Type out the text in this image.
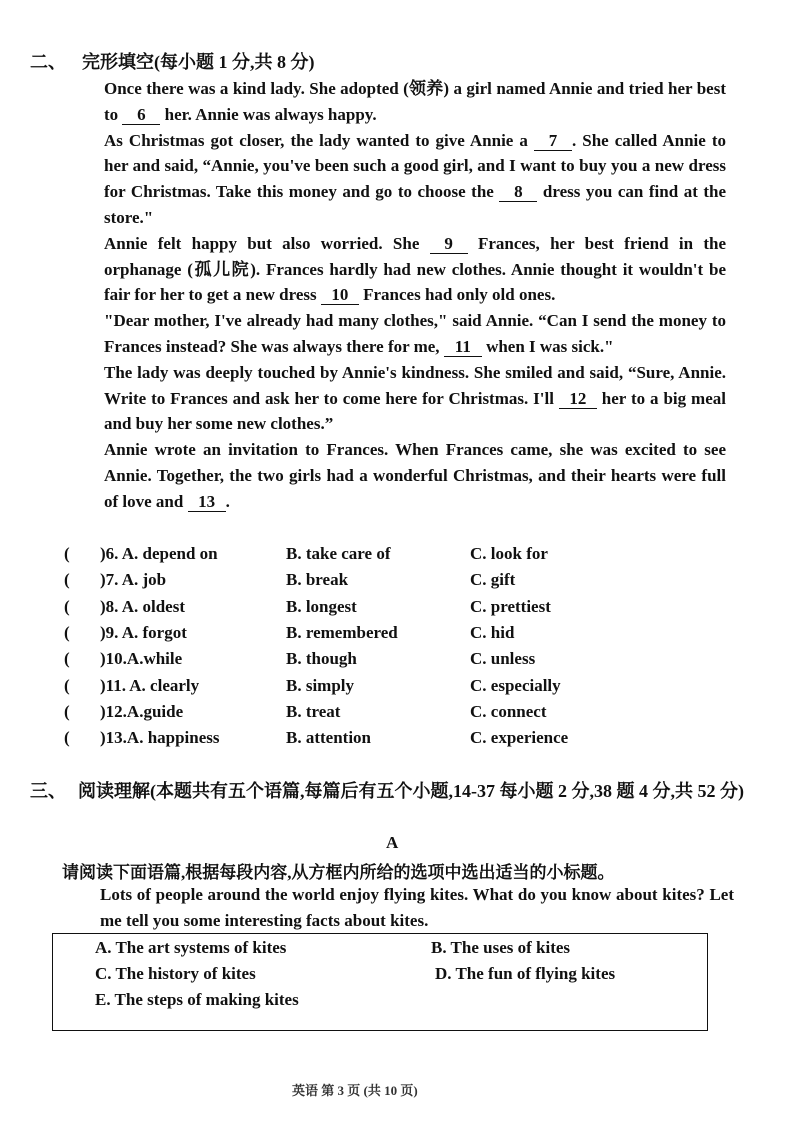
二、 完形填空(每小题 1 分,共 8 分)
Once there was a kind lady. She adopted (领养) a girl named Annie and tried her best to 6 her. Annie was always happy.
As Christmas got closer, the lady wanted to give Annie a 7 . She called Annie to her and said, “Annie, you've been such a good girl, and I want to buy you a new dress for Christmas. Take this money and go to choose the 8 dress you can find at the store."
Annie felt happy but also worried. She 9 Frances, her best friend in the orphanage (孤儿院). Frances hardly had new clothes. Annie thought it wouldn't be fair for her to get a new dress 10 Frances had only old ones.
"Dear mother, I've already had many clothes," said Annie. “Can I send the money to Frances instead? She was always there for me, 11 when I was sick."
The lady was deeply touched by Annie's kindness. She smiled and said, “Sure, Annie. Write to Frances and ask her to come here for Christmas. I'll 12 her to a big meal and buy her some new clothes.”
Annie wrote an invitation to Frances. When Frances came, she was excited to see Annie. Together, the two girls had a wonderful Christmas, and their hearts were full of love and 13 .
(	)6. A. depend on	B. take care of	C. look for
(	)7. A. job	B. break	C. gift
(	)8. A. oldest	B. longest	C. prettiest
(	)9. A. forgot	B. remembered	C. hid
(	)10.A.while	B. though	C. unless
(	)11. A. clearly	B. simply	C. especially
(	)12.A.guide	B. treat	C. connect
(	)13.A. happiness	B. attention	C. experience
三、 阅读理解(本题共有五个语篇,每篇后有五个小题,14-37 每小题 2 分,38 题 4 分,共 52 分)
A
请阅读下面语篇,根据每段内容,从方框内所给的选项中选出适当的小标题。
Lots of people around the world enjoy flying kites. What do you know about kites? Let me tell you some interesting facts about kites.
A. The art systems of kites	B. The uses of kites
C. The history of kites	D. The fun of flying kites
E. The steps of making kites
英语 第 3 页 (共 10 页)
